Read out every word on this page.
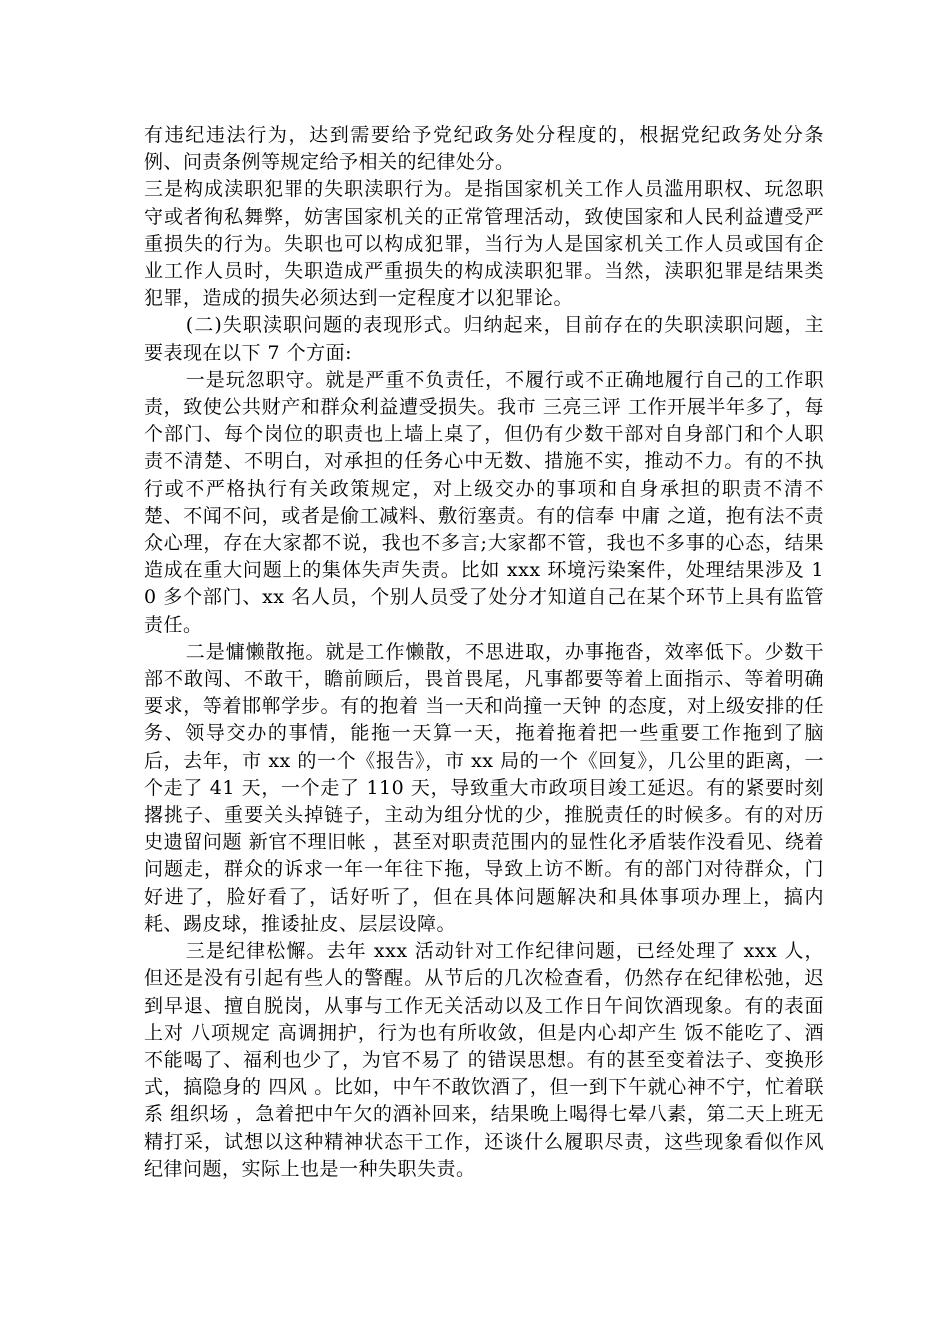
有违纪违法行为，达到需要给予党纪政务处分程度的，根据党纪政务处分条例、问责条例等规定给予相关的纪律处分。

三是构成渎职犯罪的失职渎职行为。是指国家机关工作人员滥用职权、玩忽职守或者徇私舞弊，妨害国家机关的正常管理活动，致使国家和人民利益遭受严重损失的行为。失职也可以构成犯罪，当行为人是国家机关工作人员或国有企业工作人员时，失职造成严重损失的构成渎职犯罪。当然，渎职犯罪是结果类犯罪，造成的损失必须达到一定程度才以犯罪论。

(二)失职渎职问题的表现形式。归纳起来，目前存在的失职渎职问题，主要表现在以下 7 个方面:

一是玩忽职守。就是严重不负责任，不履行或不正确地履行自己的工作职责，致使公共财产和群众利益遭受损失。我市 三亮三评 工作开展半年多了，每个部门、每个岗位的职责也上墙上桌了，但仍有少数干部对自身部门和个人职责不清楚、不明白，对承担的任务心中无数、措施不实，推动不力。有的不执行或不严格执行有关政策规定，对上级交办的事项和自身承担的职责不清不楚、不闻不问，或者是偷工减料、敷衍塞责。有的信奉 中庸 之道，抱有法不责众心理，存在大家都不说，我也不多言;大家都不管，我也不多事的心态，结果造成在重大问题上的集体失声失责。比如 xxx 环境污染案件，处理结果涉及 10 多个部门、xx 名人员，个别人员受了处分才知道自己在某个环节上具有监管责任。

二是慵懒散拖。就是工作懒散，不思进取，办事拖沓，效率低下。少数干部不敢闯、不敢干，瞻前顾后，畏首畏尾，凡事都要等着上面指示、等着明确要求，等着邯郸学步。有的抱着 当一天和尚撞一天钟 的态度，对上级安排的任务、领导交办的事情，能拖一天算一天，拖着拖着把一些重要工作拖到了脑后，去年，市 xx 的一个《报告》，市 xx 局的一个《回复》，几公里的距离，一个走了 41 天，一个走了 110 天，导致重大市政项目竣工延迟。有的紧要时刻撂挑子、重要关头掉链子，主动为组分忧的少，推脱责任的时候多。有的对历史遗留问题 新官不理旧帐 ，甚至对职责范围内的显性化矛盾装作没看见、绕着问题走，群众的诉求一年一年往下拖，导致上访不断。有的部门对待群众，门好进了，脸好看了，话好听了，但在具体问题解决和具体事项办理上，搞内耗、踢皮球，推诿扯皮、层层设障。

三是纪律松懈。去年 xxx 活动针对工作纪律问题，已经处理了 xxx 人，但还是没有引起有些人的警醒。从节后的几次检查看，仍然存在纪律松弛，迟到早退、擅自脱岗，从事与工作无关活动以及工作日午间饮酒现象。有的表面上对 八项规定 高调拥护，行为也有所收敛，但是内心却产生 饭不能吃了、酒不能喝了、福利也少了，为官不易了 的错误思想。有的甚至变着法子、变换形式，搞隐身的 四风 。比如，中午不敢饮酒了，但一到下午就心神不宁，忙着联系 组织场 ，急着把中午欠的酒补回来，结果晚上喝得七晕八素，第二天上班无精打采，试想以这种精神状态干工作，还谈什么履职尽责，这些现象看似作风纪律问题，实际上也是一种失职失责。
